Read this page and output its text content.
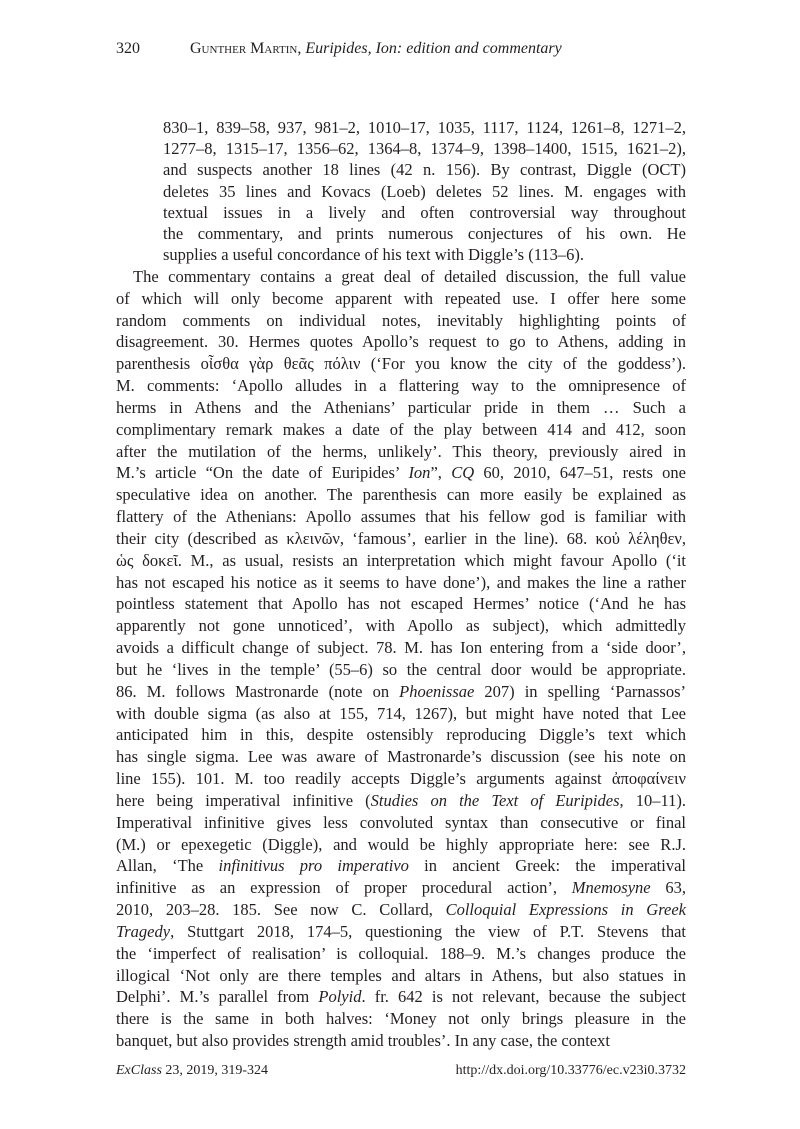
320	Gunther Martin, Euripides, Ion: edition and commentary
830–1, 839–58, 937, 981–2, 1010–17, 1035, 1117, 1124, 1261–8, 1271–2,
1277–8, 1315–17, 1356–62, 1364–8, 1374–9, 1398–1400, 1515, 1621–2),
and suspects another 18 lines (42 n. 156). By contrast, Diggle (OCT)
deletes 35 lines and Kovacs (Loeb) deletes 52 lines. M. engages with
textual issues in a lively and often controversial way throughout
the commentary, and prints numerous conjectures of his own. He
supplies a useful concordance of his text with Diggle’s (113–6).
The commentary contains a great deal of detailed discussion, the full value
of which will only become apparent with repeated use. I offer here some
random comments on individual notes, inevitably highlighting points of
disagreement. 30. Hermes quotes Apollo’s request to go to Athens, adding in
parenthesis οἶσθα γὰρ θεᾶς πόλιν (‘For you know the city of the goddess’).
M. comments: ‘Apollo alludes in a flattering way to the omnipresence of
herms in Athens and the Athenians’ particular pride in them … Such a
complimentary remark makes a date of the play between 414 and 412, soon
after the mutilation of the herms, unlikely’. This theory, previously aired in
M.’s article “On the date of Euripides’ Ion”, CQ 60, 2010, 647–51, rests one
speculative idea on another. The parenthesis can more easily be explained as
flattery of the Athenians: Apollo assumes that his fellow god is familiar with
their city (described as κλεινῶν, ‘famous’, earlier in the line). 68. κοὐ λέληθεν,
ὡς δοκεῖ. M., as usual, resists an interpretation which might favour Apollo (‘it
has not escaped his notice as it seems to have done’), and makes the line a rather
pointless statement that Apollo has not escaped Hermes’ notice (‘And he has
apparently not gone unnoticed’, with Apollo as subject), which admittedly
avoids a difficult change of subject. 78. M. has Ion entering from a ‘side door’,
but he ‘lives in the temple’ (55–6) so the central door would be appropriate.
86. M. follows Mastronarde (note on Phoenissae 207) in spelling ‘Parnassos’
with double sigma (as also at 155, 714, 1267), but might have noted that Lee
anticipated him in this, despite ostensibly reproducing Diggle’s text which
has single sigma. Lee was aware of Mastronarde’s discussion (see his note on
line 155). 101. M. too readily accepts Diggle’s arguments against ἀποφαίνειν
here being imperatival infinitive (Studies on the Text of Euripides, 10–11).
Imperatival infinitive gives less convoluted syntax than consecutive or final
(M.) or epexegetic (Diggle), and would be highly appropriate here: see R.J.
Allan, ‘The infinitivus pro imperativo in ancient Greek: the imperatival
infinitive as an expression of proper procedural action’, Mnemosyne 63,
2010, 203–28. 185. See now C. Collard, Colloquial Expressions in Greek
Tragedy, Stuttgart 2018, 174–5, questioning the view of P.T. Stevens that
the ‘imperfect of realisation’ is colloquial. 188–9. M.’s changes produce the
illogical ‘Not only are there temples and altars in Athens, but also statues in
Delphi’. M.’s parallel from Polyid. fr. 642 is not relevant, because the subject
there is the same in both halves: ‘Money not only brings pleasure in the
banquet, but also provides strength amid troubles’. In any case, the context
ExClass 23, 2019, 319-324	http://dx.doi.org/10.33776/ec.v23i0.3732
